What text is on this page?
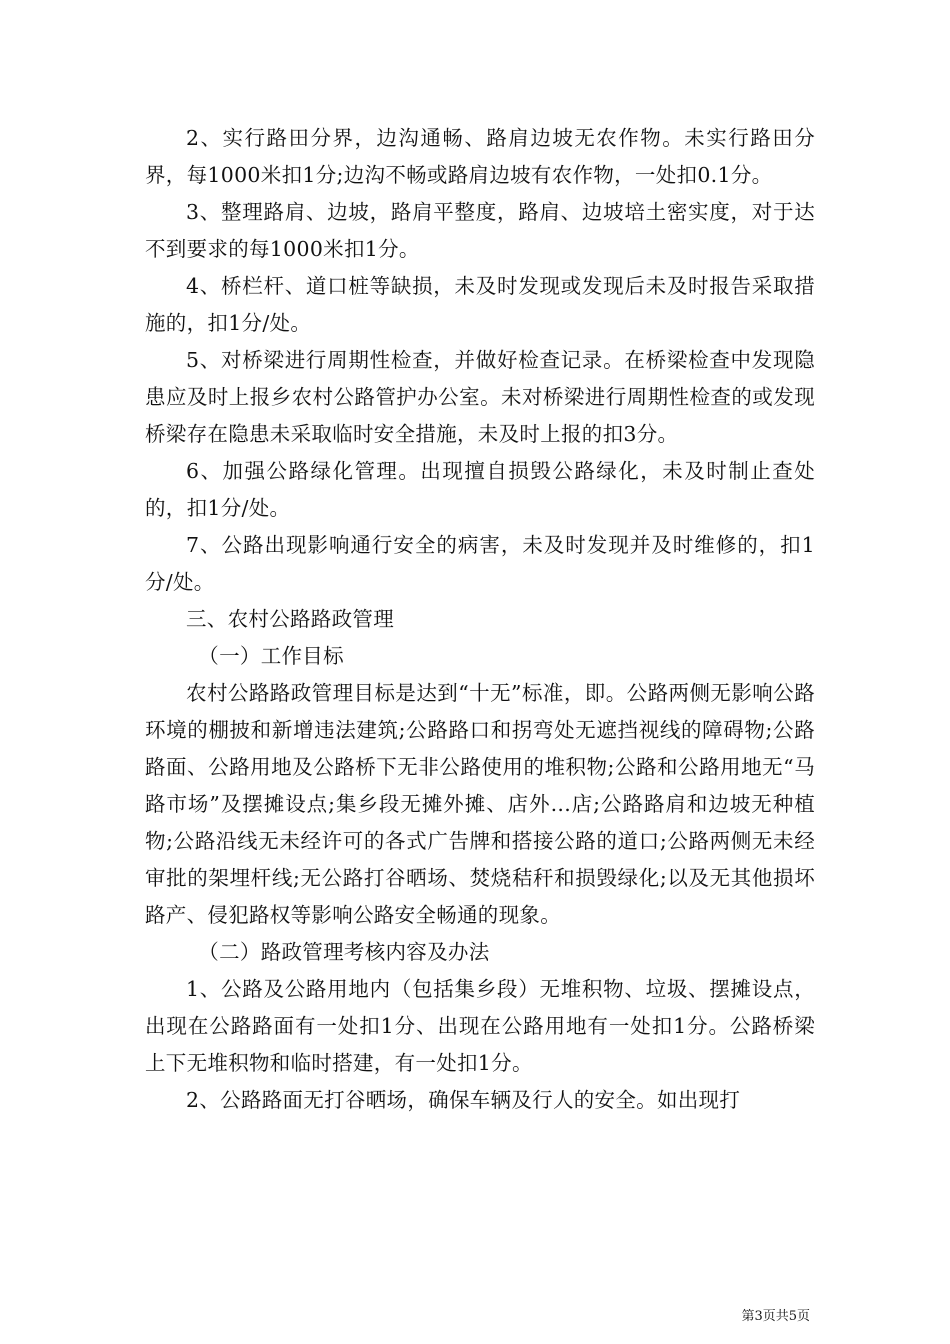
2、实行路田分界，边沟通畅、路肩边坡无农作物。未实行路田分界，每1000米扣1分;边沟不畅或路肩边坡有农作物，一处扣0.1分。

3、整理路肩、边坡，路肩平整度，路肩、边坡培土密实度，对于达不到要求的每1000米扣1分。

4、桥栏杆、道口桩等缺损，未及时发现或发现后未及时报告采取措施的，扣1分/处。

5、对桥梁进行周期性检查，并做好检查记录。在桥梁检查中发现隐患应及时上报乡农村公路管护办公室。未对桥梁进行周期性检查的或发现桥梁存在隐患未采取临时安全措施，未及时上报的扣3分。

6、加强公路绿化管理。出现擅自损毁公路绿化，未及时制止查处的，扣1分/处。

7、公路出现影响通行安全的病害，未及时发现并及时维修的，扣1分/处。

三、农村公路路政管理

（一）工作目标

农村公路路政管理目标是达到“十无”标准，即。公路两侧无影响公路环境的棚披和新增违法建筑;公路路口和拐弯处无遮挡视线的障碍物;公路路面、公路用地及公路桥下无非公路使用的堆积物;公路和公路用地无“马路市场”及摆摊设点;集乡段无摊外摊、店外...店;公路路肩和边坡无种植物;公路沿线无未经许可的各式广告牌和搭接公路的道口;公路两侧无未经审批的架埋杆线;无公路打谷晒场、焚烧秸秆和损毁绿化;以及无其他损坏路产、侵犯路权等影响公路安全畅通的现象。

（二）路政管理考核内容及办法

1、公路及公路用地内（包括集乡段）无堆积物、垃圾、摆摊设点，出现在公路路面有一处扣1分、出现在公路用地有一处扣1分。公路桥梁上下无堆积物和临时搭建，有一处扣1分。

2、公路路面无打谷晒场，确保车辆及行人的安全。如出现打

第3页共5页
